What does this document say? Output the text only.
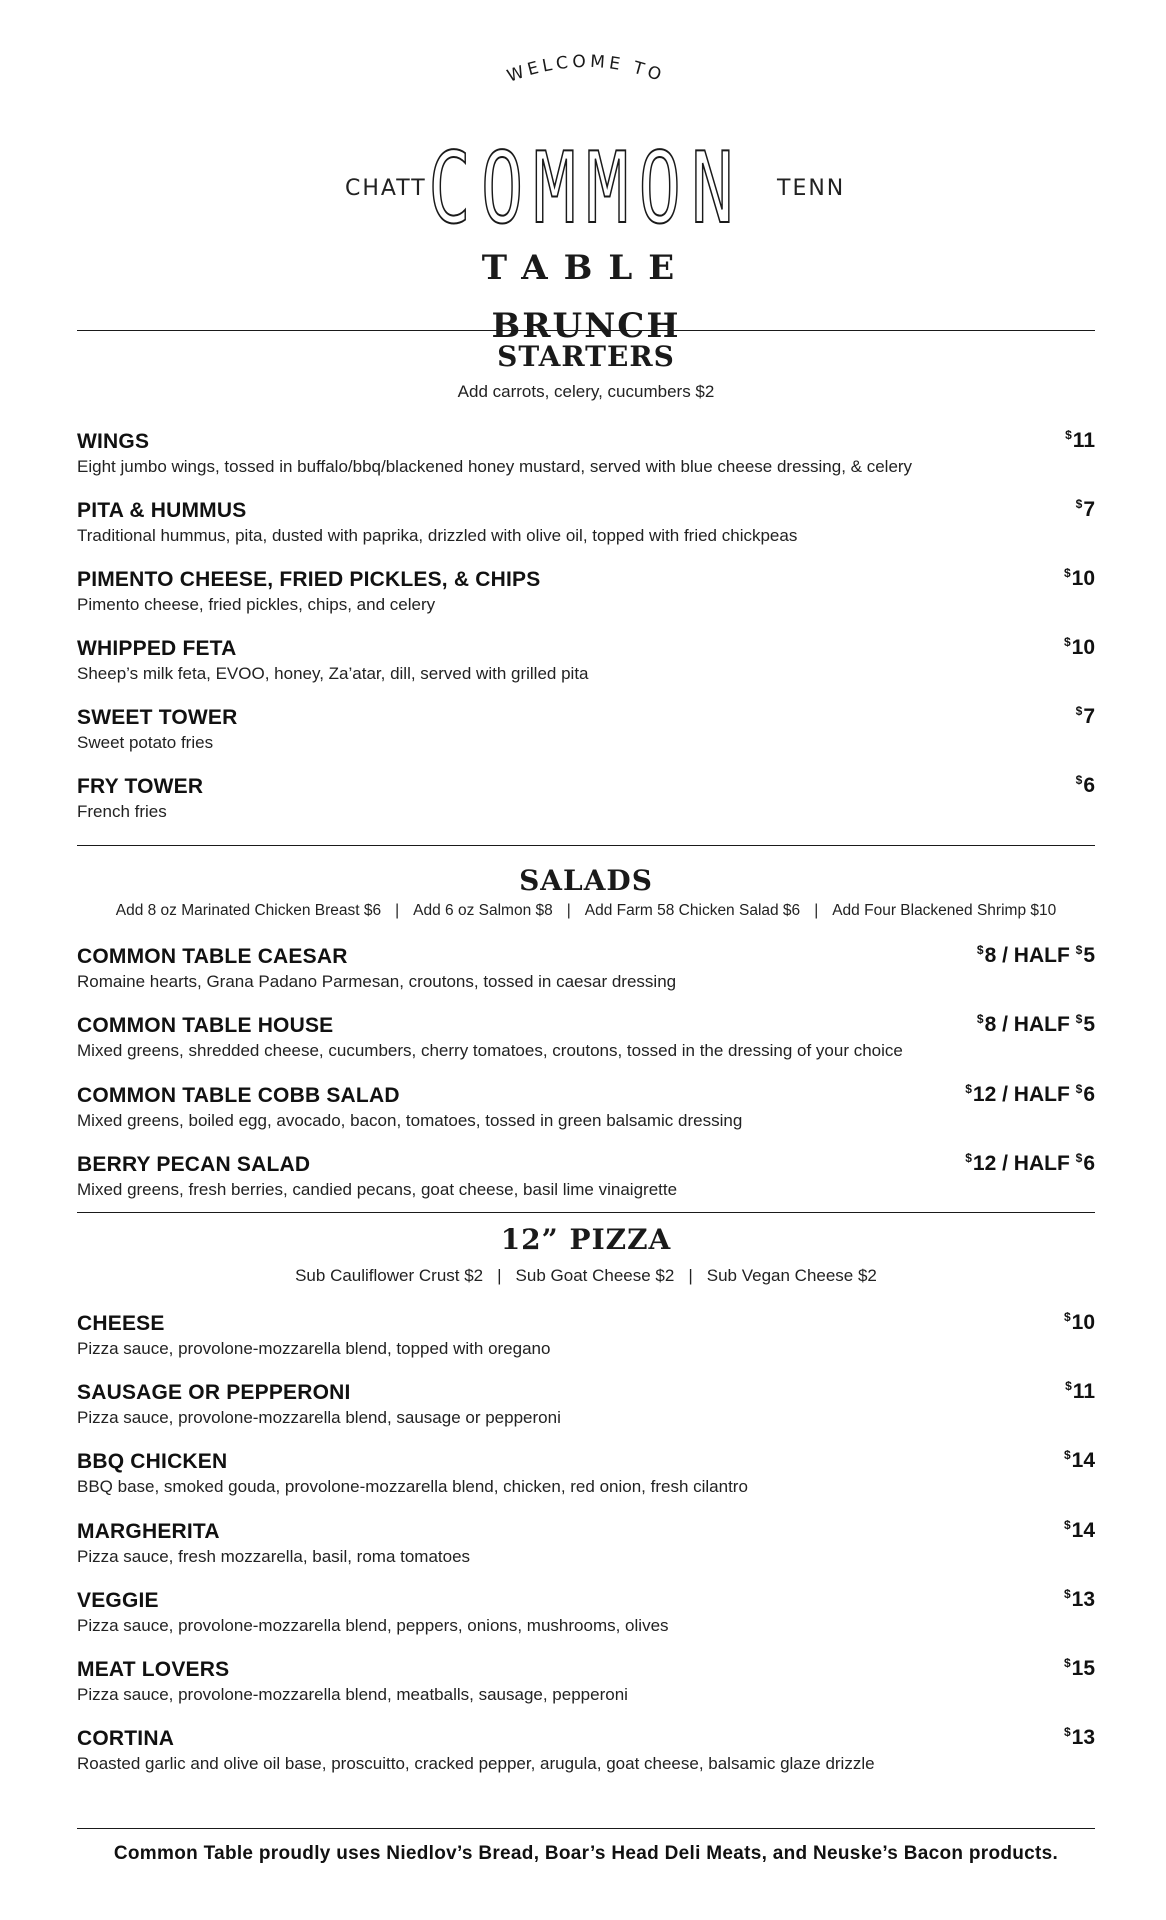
WELCOME TO
CHATT COMMON	TENN
TABLE
BRUNCH
STARTERS
Add carrots, celery, cucumbers $2
WINGS
Eight jumbo wings, tossed in buffalo/bbq/blackened honey mustard, served with blue cheese dressing, & celery
$11
PITA & HUMMUS
Traditional hummus, pita, dusted with paprika, drizzled with olive oil, topped with fried chickpeas
$7
PIMENTO CHEESE, FRIED PICKLES, & CHIPS
Pimento cheese, fried pickles, chips, and celery
$10
WHIPPED FETA
Sheep’s milk feta, EVOO, honey, Za’atar, dill, served with grilled pita
$10
SWEET TOWER
Sweet potato fries
$7
FRY TOWER
French fries
$6
SALADS
Add 8 oz Marinated Chicken Breast $6 | Add 6 oz Salmon $8 | Add Farm 58 Chicken Salad $6 | Add Four Blackened Shrimp $10
COMMON TABLE CAESAR
Romaine hearts, Grana Padano Parmesan, croutons, tossed in caesar dressing
$8 / HALF $5
COMMON TABLE HOUSE
Mixed greens, shredded cheese, cucumbers, cherry tomatoes, croutons, tossed in the dressing of your choice
$8 / HALF $5
COMMON TABLE COBB SALAD
Mixed greens, boiled egg, avocado, bacon, tomatoes, tossed in green balsamic dressing
$12 / HALF $6
BERRY PECAN SALAD
Mixed greens, fresh berries, candied pecans, goat cheese, basil lime vinaigrette
$12 / HALF $6
12” PIZZA
Sub Cauliflower Crust $2 | Sub Goat Cheese $2 | Sub Vegan Cheese $2
CHEESE
Pizza sauce, provolone-mozzarella blend, topped with oregano
$10
SAUSAGE OR PEPPERONI
Pizza sauce, provolone-mozzarella blend, sausage or pepperoni
$11
BBQ CHICKEN
BBQ base, smoked gouda, provolone-mozzarella blend, chicken, red onion, fresh cilantro
$14
MARGHERITA
Pizza sauce, fresh mozzarella, basil, roma tomatoes
$14
VEGGIE
Pizza sauce, provolone-mozzarella blend, peppers, onions, mushrooms, olives
$13
MEAT LOVERS
Pizza sauce, provolone-mozzarella blend, meatballs, sausage, pepperoni
$15
CORTINA
Roasted garlic and olive oil base, proscuitto, cracked pepper, arugula, goat cheese, balsamic glaze drizzle
$13
Common Table proudly uses Niedlov’s Bread, Boar’s Head Deli Meats, and Neuske’s Bacon products.
